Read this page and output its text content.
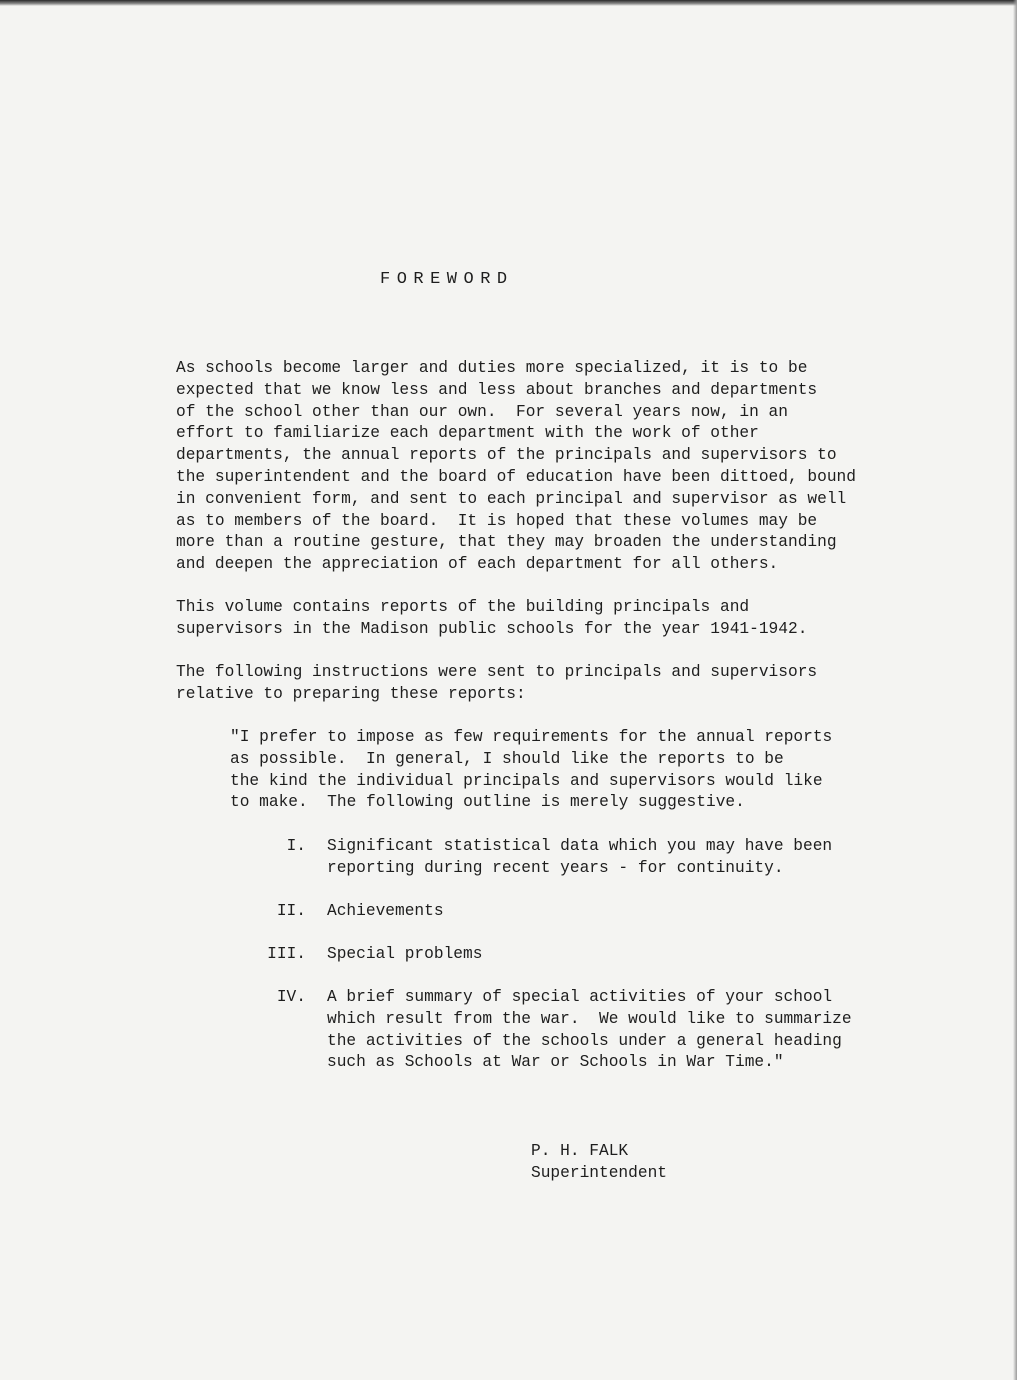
FOREWORD

As schools become larger and duties more specialized, it is to be
expected that we know less and less about branches and departments
of the school other than our own.  For several years now, in an
effort to familiarize each department with the work of other
departments, the annual reports of the principals and supervisors to
the superintendent and the board of education have been dittoed, bound
in convenient form, and sent to each principal and supervisor as well
as to members of the board.  It is hoped that these volumes may be
more than a routine gesture, that they may broaden the understanding
and deepen the appreciation of each department for all others.

This volume contains reports of the building principals and
supervisors in the Madison public schools for the year 1941-1942.

The following instructions were sent to principals and supervisors
relative to preparing these reports:

"I prefer to impose as few requirements for the annual reports
as possible.  In general, I should like the reports to be
the kind the individual principals and supervisors would like
to make.  The following outline is merely suggestive.

I. Significant statistical data which you may have been
reporting during recent years - for continuity.

II. Achievements

III. Special problems

IV. A brief summary of special activities of your school
which result from the war.  We would like to summarize
the activities of the schools under a general heading
such as Schools at War or Schools in War Time."

P. H. FALK
Superintendent
